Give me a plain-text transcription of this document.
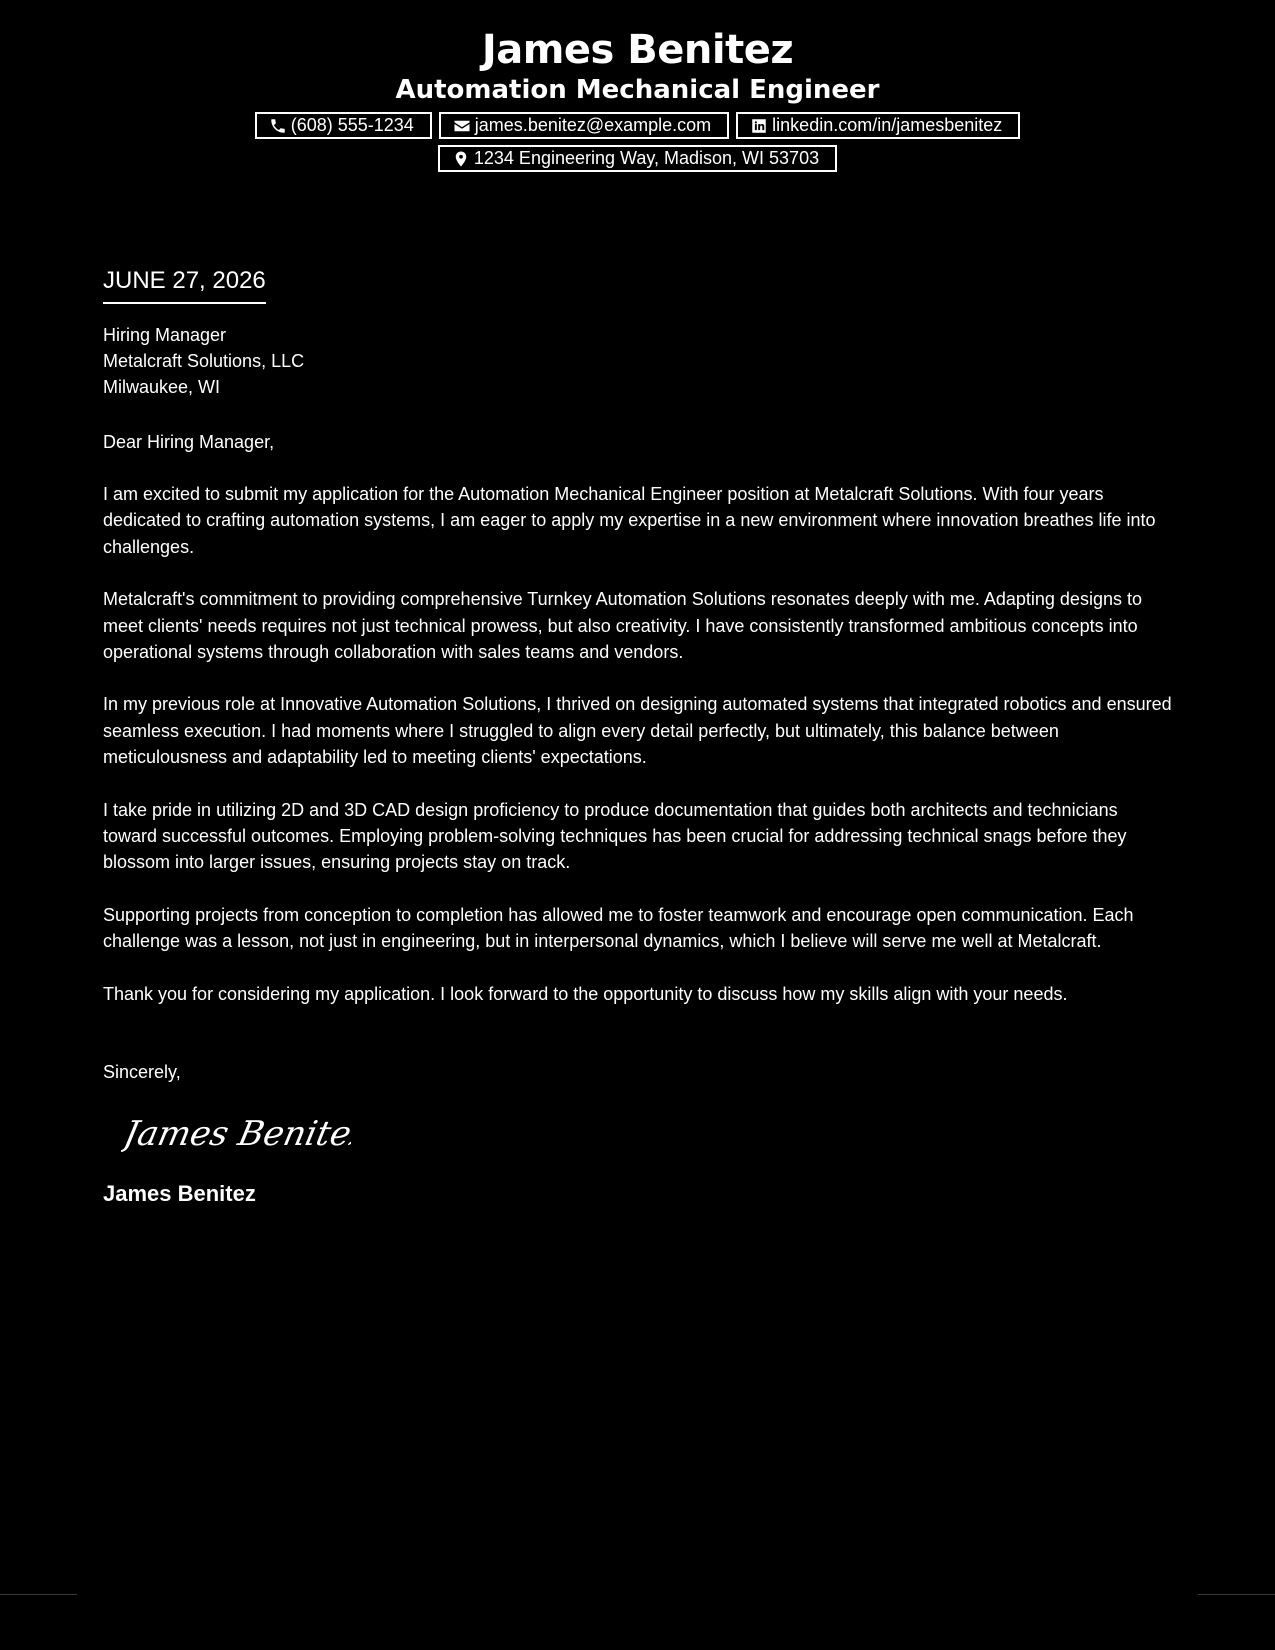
James Benitez
Automation Mechanical Engineer
(608) 555-1234	james.benitez@example.com	linkedin.com/in/jamesbenitez
1234 Engineering Way, Madison, WI 53703
JUNE 27, 2026
Hiring Manager
Metalcraft Solutions, LLC
Milwaukee, WI
Dear Hiring Manager,
I am excited to submit my application for the Automation Mechanical Engineer position at Metalcraft Solutions. With four years dedicated to crafting automation systems, I am eager to apply my expertise in a new environment where innovation breathes life into challenges.
Metalcraft's commitment to providing comprehensive Turnkey Automation Solutions resonates deeply with me. Adapting designs to meet clients' needs requires not just technical prowess, but also creativity. I have consistently transformed ambitious concepts into operational systems through collaboration with sales teams and vendors.
In my previous role at Innovative Automation Solutions, I thrived on designing automated systems that integrated robotics and ensured seamless execution. I had moments where I struggled to align every detail perfectly, but ultimately, this balance between meticulousness and adaptability led to meeting clients' expectations.
I take pride in utilizing 2D and 3D CAD design proficiency to produce documentation that guides both architects and technicians toward successful outcomes. Employing problem-solving techniques has been crucial for addressing technical snags before they blossom into larger issues, ensuring projects stay on track.
Supporting projects from conception to completion has allowed me to foster teamwork and encourage open communication. Each challenge was a lesson, not just in engineering, but in interpersonal dynamics, which I believe will serve me well at Metalcraft.
Thank you for considering my application. I look forward to the opportunity to discuss how my skills align with your needs.
Sincerely,
James Benitez
James Benitez
